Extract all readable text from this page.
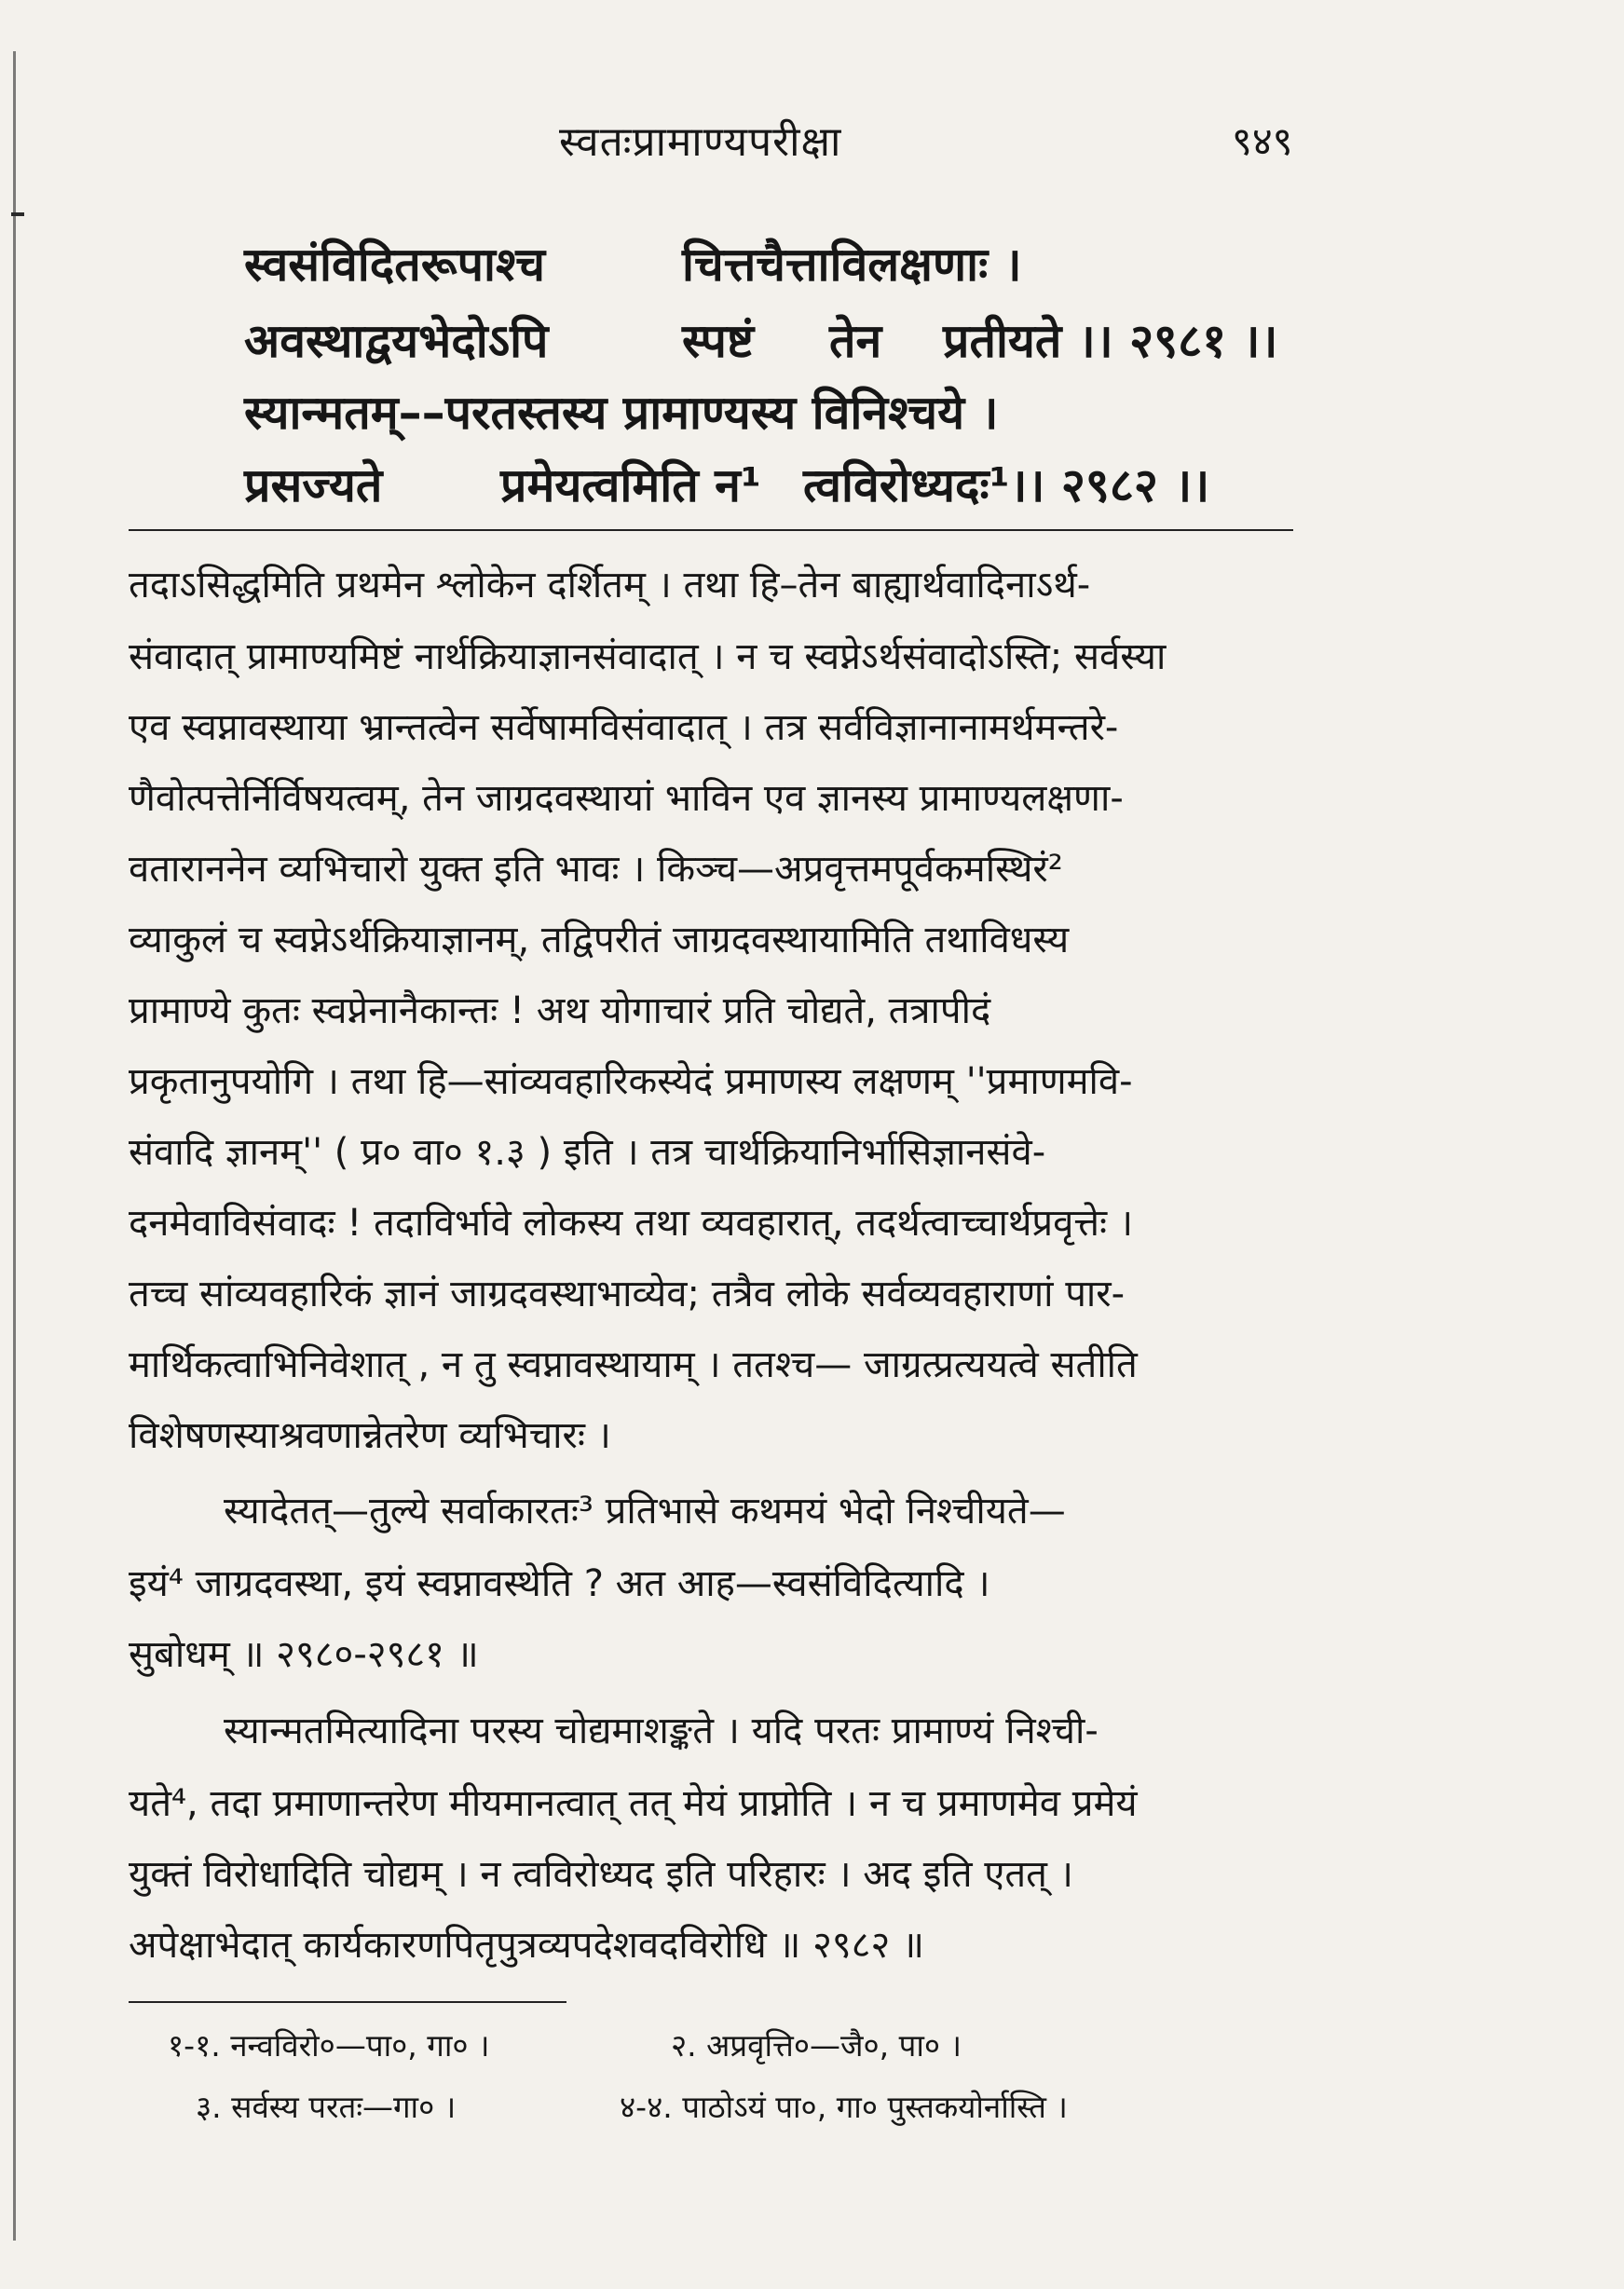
स्वतःप्रामाण्यपरीक्षा	९४९
स्वसंविदितरूपाश्च	चित्तचैत्ताविलक्षणाः ।
अवस्थाद्वयभेदोऽपि	स्पष्टं तेन प्रतीयते ।। २९८१ ।।
स्यान्मतम्––परतस्तस्य प्रामाण्यस्य विनिश्चये ।
प्रसज्यते	प्रमेयत्वमिति न¹ त्वविरोध्यदः¹।। २९८२ ।।
तदाऽसिद्धमिति प्रथमेन श्लोकेन दर्शितम् । तथा हि–तेन बाह्यार्थवादिनाऽर्थ-
संवादात् प्रामाण्यमिष्टं नार्थक्रियाज्ञानसंवादात् । न च स्वप्नेऽर्थसंवादोऽस्ति; सर्वस्या
एव स्वप्नावस्थाया भ्रान्तत्वेन सर्वेषामविसंवादात् । तत्र सर्वविज्ञानानामर्थमन्तरे-
णैवोत्पत्तेर्निर्विषयत्वम्, तेन जाग्रदवस्थायां भाविन एव ज्ञानस्य प्रामाण्यलक्षणा-
वताराननेन व्यभिचारो युक्त इति भावः । किञ्च—अप्रवृत्तमपूर्वकमस्थिरं²
व्याकुलं च स्वप्नेऽर्थक्रियाज्ञानम्, तद्विपरीतं जाग्रदवस्थायामिति तथाविधस्य
प्रामाण्ये कुतः स्वप्नेनानैकान्तः ! अथ योगाचारं प्रति चोद्यते, तत्रापीदं
प्रकृतानुपयोगि । तथा हि—सांव्यवहारिकस्येदं प्रमाणस्य लक्षणम् ''प्रमाणमवि-
संवादि ज्ञानम्'' ( प्र० वा० १.३ ) इति । तत्र चार्थक्रियानिर्भासिज्ञानसंवे-
दनमेवाविसंवादः ! तदाविर्भावे लोकस्य तथा व्यवहारात्, तदर्थत्वाच्चार्थप्रवृत्तेः ।
तच्च सांव्यवहारिकं ज्ञानं जाग्रदवस्थाभाव्येव; तत्रैव लोके सर्वव्यवहाराणां पार-
मार्थिकत्वाभिनिवेशात् , न तु स्वप्नावस्थायाम् । ततश्च— जाग्रत्प्रत्ययत्वे सतीति
विशेषणस्याश्रवणान्नेतरेण व्यभिचारः ।
स्यादेतत्—तुल्ये सर्वाकारतः³ प्रतिभासे कथमयं भेदो निश्चीयते—
इयं⁴ जाग्रदवस्था, इयं स्वप्नावस्थेति ? अत आह—स्वसंविदित्यादि ।
सुबोधम् ॥ २९८०-२९८१ ॥
स्यान्मतमित्यादिना परस्य चोद्यमाशङ्कते । यदि परतः प्रामाण्यं निश्ची-
यते⁴, तदा प्रमाणान्तरेण मीयमानत्वात् तत् मेयं प्राप्नोति । न च प्रमाणमेव प्रमेयं
युक्तं विरोधादिति चोद्यम् । न त्वविरोध्यद इति परिहारः । अद इति एतत् ।
अपेक्षाभेदात् कार्यकारणपितृपुत्रव्यपदेशवदविरोधि ॥ २९८२ ॥
१-१. नन्वविरो०—पा०, गा० ।	२. अप्रवृत्ति०—जै०, पा० ।
३. सर्वस्य परतः—गा० ।	४-४. पाठोऽयं पा०, गा० पुस्तकयोर्नास्ति ।
